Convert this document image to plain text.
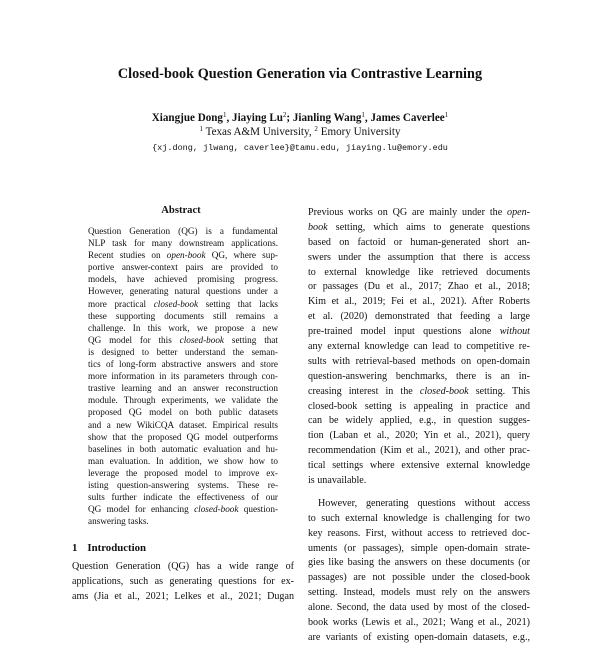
Closed-book Question Generation via Contrastive Learning
Xiangjue Dong$^1$, Jiaying Lu$^2$; Jianling Wang$^1$, James Caverlee$^1$
$^1$ Texas A&M University, $^2$ Emory University
{xj.dong, jlwang, caverlee}@tamu.edu, jiaying.lu@emory.edu
Abstract
Question Generation (QG) is a fundamental
NLP task for many downstream applications.
Recent studies on open-book QG, where sup-
portive answer-context pairs are provided to
models, have achieved promising progress.
However, generating natural questions under a
more practical closed-book setting that lacks
these supporting documents still remains a
challenge. In this work, we propose a new
QG model for this closed-book setting that
is designed to better understand the seman-
tics of long-form abstractive answers and store
more information in its parameters through con-
trastive learning and an answer reconstruction
module. Through experiments, we validate the
proposed QG model on both public datasets
and a new WikiCQA dataset. Empirical results
show that the proposed QG model outperforms
baselines in both automatic evaluation and hu-
man evaluation. In addition, we show how to
leverage the proposed model to improve ex-
isting question-answering systems. These re-
sults further indicate the effectiveness of our
QG model for enhancing closed-book question-
answering tasks.
1 Introduction
Question Generation (QG) has a wide range of
applications, such as generating questions for ex-
ams (Jia et al., 2021; Lelkes et al., 2021; Dugan
Previous works on QG are mainly under the open-
book setting, which aims to generate questions
based on factoid or human-generated short an-
swers under the assumption that there is access
to external knowledge like retrieved documents
or passages (Du et al., 2017; Zhao et al., 2018;
Kim et al., 2019; Fei et al., 2021). After Roberts
et al. (2020) demonstrated that feeding a large
pre-trained model input questions alone without
any external knowledge can lead to competitive re-
sults with retrieval-based methods on open-domain
question-answering benchmarks, there is an in-
creasing interest in the closed-book setting. This
closed-book setting is appealing in practice and
can be widely applied, e.g., in question sugges-
tion (Laban et al., 2020; Yin et al., 2021), query
recommendation (Kim et al., 2021), and other prac-
tical settings where extensive external knowledge
is unavailable.
However, generating questions without access
to such external knowledge is challenging for two
key reasons. First, without access to retrieved doc-
uments (or passages), simple open-domain strate-
gies like basing the answers on these documents (or
passages) are not possible under the closed-book
setting. Instead, models must rely on the answers
alone. Second, the data used by most of the closed-
book works (Lewis et al., 2021; Wang et al., 2021)
are variants of existing open-domain datasets, e.g.,
